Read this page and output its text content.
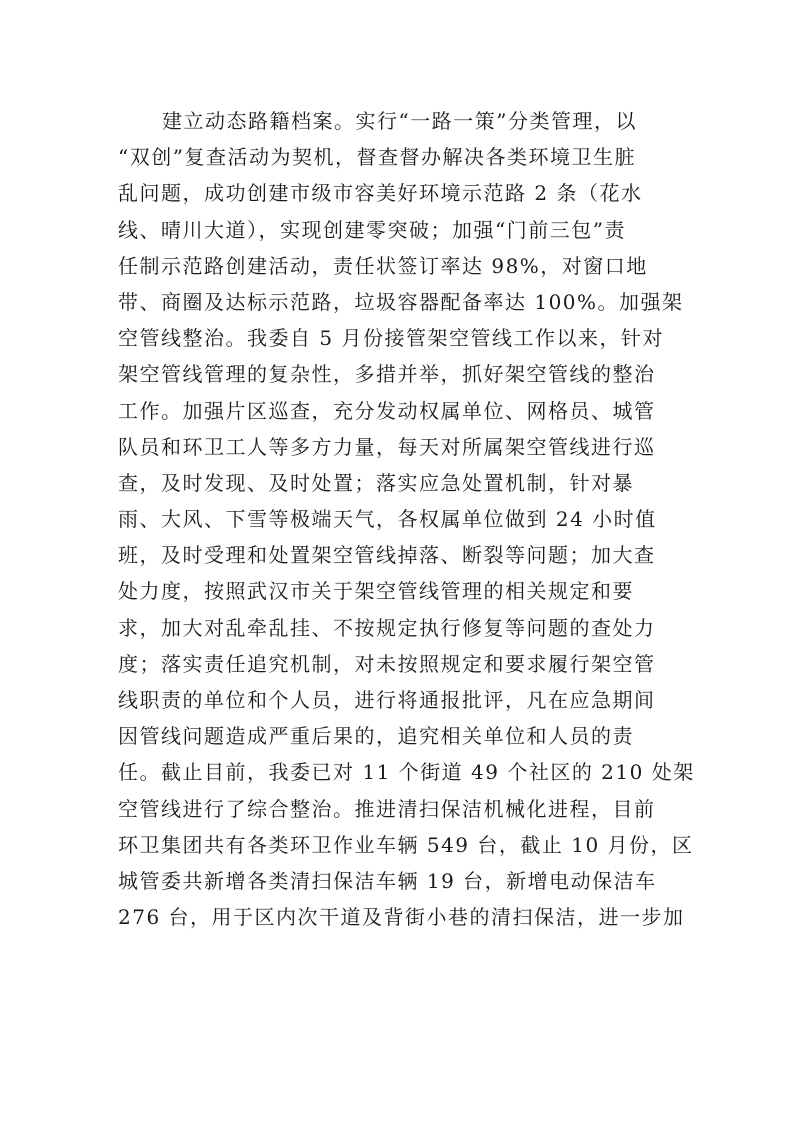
建立动态路籍档案。实行“一路一策”分类管理，以
“双创”复查活动为契机，督查督办解决各类环境卫生脏
乱问题，成功创建市级市容美好环境示范路 2 条（花水
线、晴川大道），实现创建零突破；加强“门前三包”责
任制示范路创建活动，责任状签订率达 98%，对窗口地
带、商圈及达标示范路，垃圾容器配备率达 100%。加强架
空管线整治。我委自 5 月份接管架空管线工作以来，针对
架空管线管理的复杂性，多措并举，抓好架空管线的整治
工作。加强片区巡查，充分发动权属单位、网格员、城管
队员和环卫工人等多方力量，每天对所属架空管线进行巡
查，及时发现、及时处置；落实应急处置机制，针对暴
雨、大风、下雪等极端天气，各权属单位做到 24 小时值
班，及时受理和处置架空管线掉落、断裂等问题；加大查
处力度，按照武汉市关于架空管线管理的相关规定和要
求，加大对乱牵乱挂、不按规定执行修复等问题的查处力
度；落实责任追究机制，对未按照规定和要求履行架空管
线职责的单位和个人员，进行将通报批评，凡在应急期间
因管线问题造成严重后果的，追究相关单位和人员的责
任。截止目前，我委已对 11 个街道 49 个社区的 210 处架
空管线进行了综合整治。推进清扫保洁机械化进程，目前
环卫集团共有各类环卫作业车辆 549 台，截止 10 月份，区
城管委共新增各类清扫保洁车辆 19 台，新增电动保洁车
276 台，用于区内次干道及背街小巷的清扫保洁，进一步加
